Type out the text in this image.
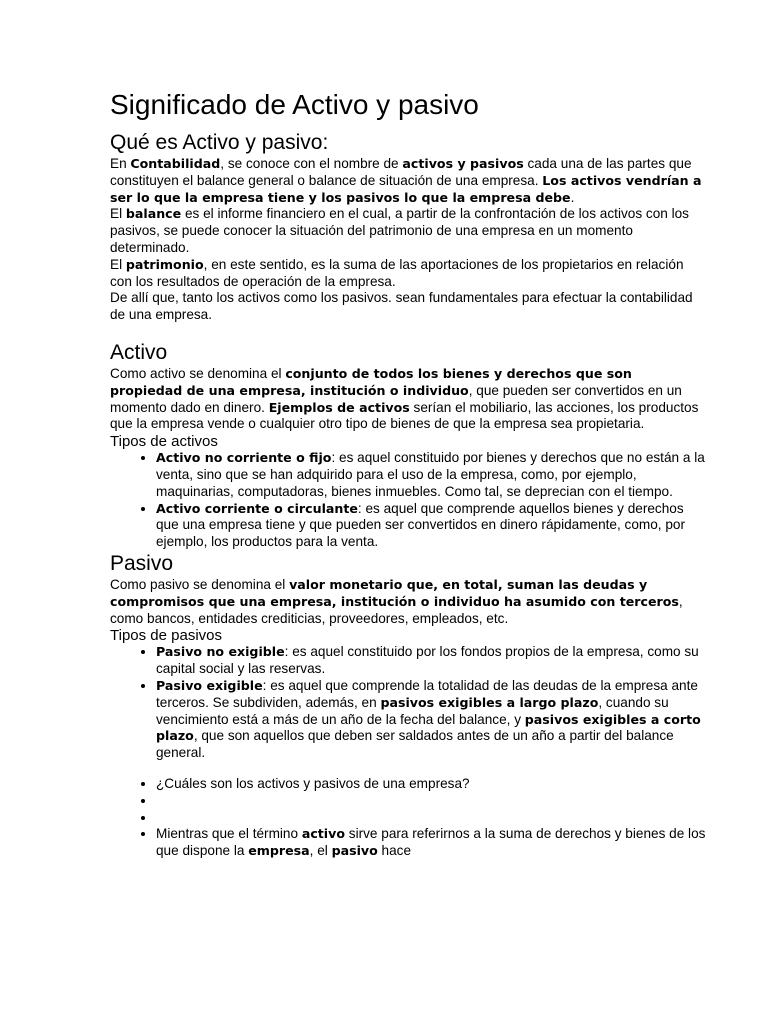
Significado de Activo y pasivo
Qué es Activo y pasivo:

En Contabilidad, se conoce con el nombre de activos y pasivos cada una de las partes que constituyen el balance general o balance de situación de una empresa. Los activos vendrían a ser lo que la empresa tiene y los pasivos lo que la empresa debe.

El balance es el informe financiero en el cual, a partir de la confrontación de los activos con los pasivos, se puede conocer la situación del patrimonio de una empresa en un momento determinado.

El patrimonio, en este sentido, es la suma de las aportaciones de los propietarios en relación con los resultados de operación de la empresa.

De allí que, tanto los activos como los pasivos. sean fundamentales para efectuar la contabilidad de una empresa.

Activo

Como activo se denomina el conjunto de todos los bienes y derechos que son propiedad de una empresa, institución o individuo, que pueden ser convertidos en un momento dado en dinero. Ejemplos de activos serían el mobiliario, las acciones, los productos que la empresa vende o cualquier otro tipo de bienes de que la empresa sea propietaria.

Tipos de activos
• Activo no corriente o fijo: es aquel constituido por bienes y derechos que no están a la venta, sino que se han adquirido para el uso de la empresa, como, por ejemplo, maquinarias, computadoras, bienes inmuebles. Como tal, se deprecian con el tiempo.
• Activo corriente o circulante: es aquel que comprende aquellos bienes y derechos que una empresa tiene y que pueden ser convertidos en dinero rápidamente, como, por ejemplo, los productos para la venta.
Pasivo

Como pasivo se denomina el valor monetario que, en total, suman las deudas y compromisos que una empresa, institución o individuo ha asumido con terceros, como bancos, entidades crediticias, proveedores, empleados, etc.

Tipos de pasivos
• Pasivo no exigible: es aquel constituido por los fondos propios de la empresa, como su capital social y las reservas.
• Pasivo exigible: es aquel que comprende la totalidad de las deudas de la empresa ante terceros. Se subdividen, además, en pasivos exigibles a largo plazo, cuando su vencimiento está a más de un año de la fecha del balance, y pasivos exigibles a corto plazo, que son aquellos que deben ser saldados antes de un año a partir del balance general.
• ¿Cuáles son los activos y pasivos de una empresa?
•
•
• Mientras que el término activo sirve para referirnos a la suma de derechos y bienes de los que dispone la empresa, el pasivo hace
